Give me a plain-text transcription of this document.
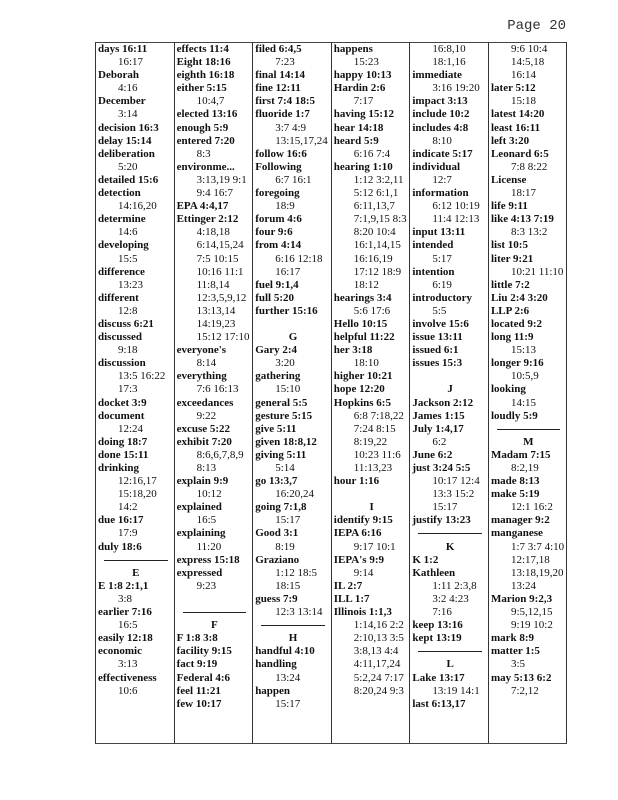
Page 20
days 16:11
16:17
Deborah
4:16
December
3:14
decision 16:3
delay 15:14
deliberation
5:20
detailed 15:6
detection
14:16,20
determine
14:6
developing
15:5
difference
13:23
different
12:8
discuss 6:21
discussed
9:18
discussion
13:5 16:22
17:3
docket 3:9
document
12:24
doing 18:7
done 15:11
drinking
12:16,17
15:18,20
14:2
due 16:17
17:9
duly 18:6
E
E 1:8 2:1,1
3:8
earlier 7:16
16:5
easily 12:18
economic
3:13
effectiveness
10:6
effects 11:4
Eight 18:16
eighth 16:18
either 5:15
10:4,7
elected 13:16
enough 5:9
entered 7:20
8:3
environme...
3:13,19 9:1
9:4 16:7
EPA 4:4,17
Ettinger 2:12
4:18,18
6:14,15,24
7:5 10:15
10:16 11:1
11:8,14
12:3,5,9,12
13:13,14
14:19,23
15:12 17:10
everyone's
8:14
everything
7:6 16:13
exceedances
9:22
excuse 5:22
exhibit 7:20
8:6,6,7,8,9
8:13
explain 9:9
10:12
explained
16:5
explaining
11:20
express 15:18
expressed
9:23
F
F 1:8 3:8
facility 9:15
fact 9:19
Federal 4:6
feel 11:21
few 10:17
filed 6:4,5
7:23
final 14:14
fine 12:11
first 7:4 18:5
fluoride 1:7
3:7 4:9
13:15,17,24
follow 16:6
Following
6:7 16:1
foregoing
18:9
forum 4:6
four 9:6
from 4:14
6:16 12:18
16:17
fuel 9:1,4
full 5:20
further 15:16
G
Gary 2:4
3:20
gathering
15:10
general 5:5
gesture 5:15
give 5:11
given 18:8,12
giving 5:11
5:14
go 13:3,7
16:20,24
going 7:1,8
15:17
Good 3:1
8:19
Graziano
1:12 18:5
18:15
guess 7:9
12:3 13:14
H
handful 4:10
handling
13:24
happen
15:17
happens
15:23
happy 10:13
Hardin 2:6
7:17
having 15:12
hear 14:18
heard 5:9
6:16 7:4
hearing 1:10
1:12 3:2,11
5:12 6:1,1
6:11,13,7
7:1,9,15 8:3
8:20 10:4
16:1,14,15
16:16,19
17:12 18:9
18:12
hearings 3:4
5:6 17:6
Hello 10:15
helpful 11:22
her 3:18
18:10
higher 10:21
hope 12:20
Hopkins 6:5
6:8 7:18,22
7:24 8:15
8:19,22
10:23 11:6
11:13,23
hour 1:16
I
identify 9:15
IEPA 6:16
9:17 10:1
IEPA's 9:9
9:14
IL 2:7
ILL 1:7
Illinois 1:1,3
1:14,16 2:2
2:10,13 3:5
3:8,13 4:4
4:11,17,24
5:2,24 7:17
8:20,24 9:3
16:8,10
18:1,16
immediate
3:16 19:20
impact 3:13
include 10:2
includes 4:8
8:10
indicate 5:17
individual
12:7
information
6:12 10:19
11:4 12:13
input 13:11
intended
5:17
intention
6:19
introductory
5:5
involve 15:6
issue 13:11
issued 6:1
issues 15:3
J
Jackson 2:12
James 1:15
July 1:4,17
6:2
June 6:2
just 3:24 5:5
10:17 12:4
13:3 15:2
15:17
justify 13:23
K
K 1:2
Kathleen
1:11 2:3,8
3:2 4:23
7:16
keep 13:16
kept 13:19
L
Lake 13:17
13:19 14:1
last 6:13,17
9:6 10:4
14:5,18
16:14
later 5:12
15:18
latest 14:20
least 16:11
left 3:20
Leonard 6:5
7:8 8:22
License
18:17
life 9:11
like 4:13 7:19
8:3 13:2
list 10:5
liter 9:21
10:21 11:10
little 7:2
Liu 2:4 3:20
LLP 2:6
located 9:2
long 11:9
15:13
longer 9:16
10:5,9
looking
14:15
loudly 5:9
M
Madam 7:15
8:2,19
made 8:13
make 5:19
12:1 16:2
manager 9:2
manganese
1:7 3:7 4:10
12:17,18
13:18,19,20
13:24
Marion 9:2,3
9:5,12,15
9:19 10:2
mark 8:9
matter 1:5
3:5
may 5:13 6:2
7:2,12
